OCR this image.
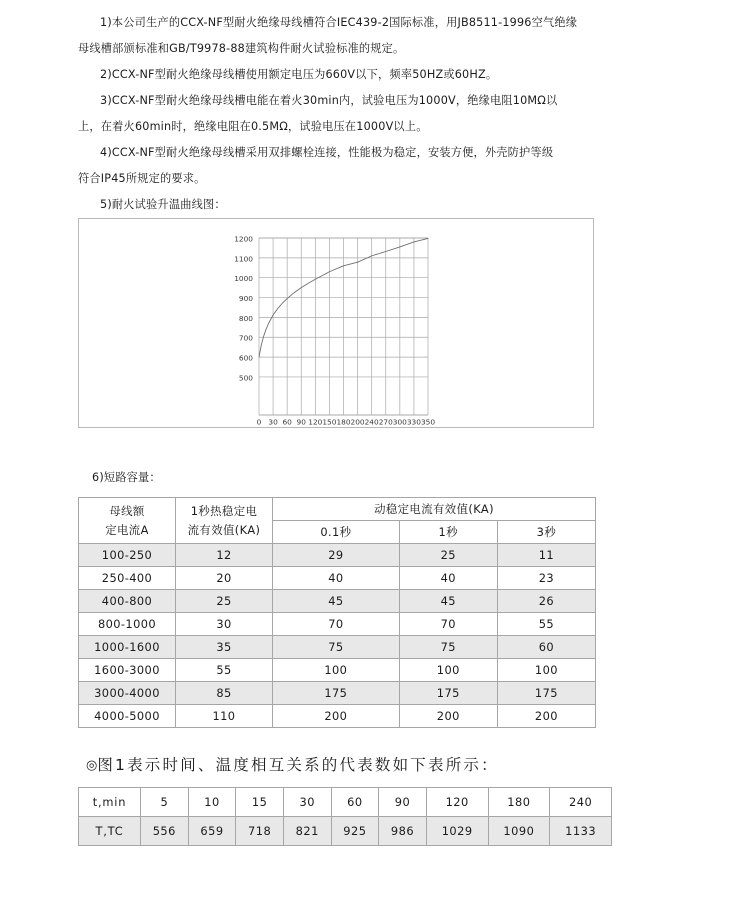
1)本公司生产的CCX-NF型耐火绝缘母线槽符合IEC439-2国际标准，用JB8511-1996空气绝缘

母线槽部颁标准和GB/T9978-88建筑构件耐火试验标准的规定。

2)CCX-NF型耐火绝缘母线槽使用额定电压为660V以下，频率50HZ或60HZ。

3)CCX-NF型耐火绝缘母线槽电能在着火30min内，试验电压为1000V，绝缘电阻10MΩ以

上，在着火60min时，绝缘电阻在0.5MΩ，试验电压在1000V以上。

4)CCX-NF型耐火绝缘母线槽采用双排螺栓连接，性能极为稳定，安装方便，外壳防护等级

符合IP45所规定的要求。

5)耐火试验升温曲线图：

500
600
700
800
900
1000
1100
1200
0 30 60 90 120 150 180 200 240 270 300 330 350
6)短路容量：
母线额
定电流A	1秒热稳定电
流有效值(KA)	动稳定电流有效值(KA)		
		0.1秒	1秒	3秒
100-250	12	29	25	11
250-400	20	40	40	23
400-800	25	45	45	26
800-1000	30	70	70	55
1000-1600	35	75	75	60
1600-3000	55	100	100	100
3000-4000	85	175	175	175
4000-5000	110	200	200	200
◎图1表示时间、温度相互关系的代表数如下表所示：
t,min	5	10	15	30	60	90	120	180	240
T,TC	556	659	718	821	925	986	1029	1090	1133
